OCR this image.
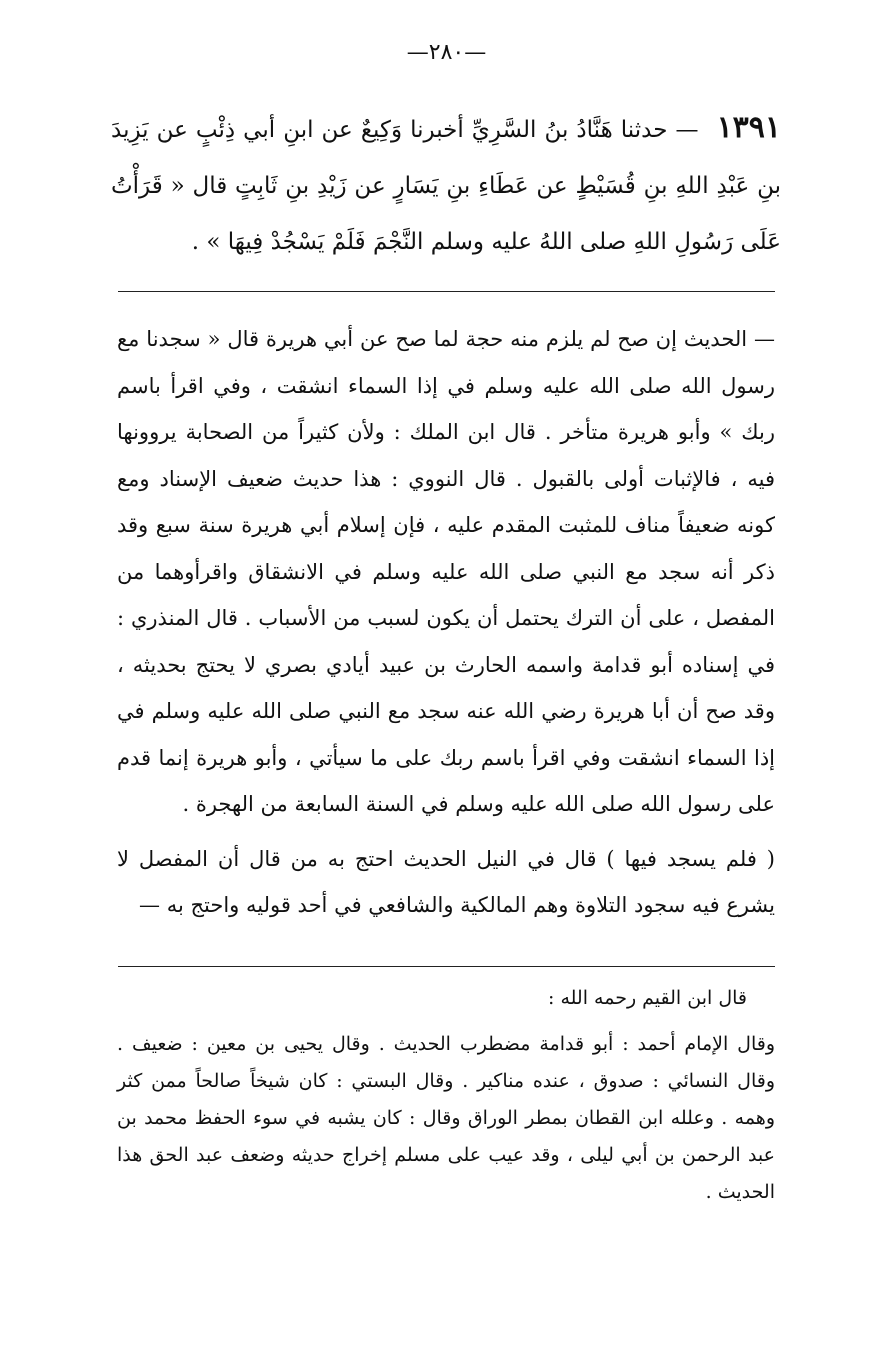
—٢٨٠—
١٣٩١ — حدثنا هَنَّادُ بنُ السَّرِيِّ أخبرنا وَكِيعٌ عن ابنِ أبي ذِئْبٍ عن يَزِيدَ بنِ عَبْدِ اللهِ بنِ قُسَيْطٍ عن عَطَاءِ بنِ يَسَارٍ عن زَيْدِ بنِ ثَابِتٍ قال « قَرَأْتُ عَلَى رَسُولِ اللهِ صلى اللهُ عليه وسلم النَّجْمَ فَلَمْ يَسْجُدْ فِيهَا » .

— الحديث إن صح لم يلزم منه حجة لما صح عن أبي هريرة قال « سجدنا مع رسول الله صلى الله عليه وسلم في إذا السماء انشقت ، وفي اقرأ باسم ربك » وأبو هريرة متأخر . قال ابن الملك : ولأن كثيراً من الصحابة يروونها فيه ، فالإثبات أولى بالقبول . قال النووي : هذا حديث ضعيف الإسناد ومع كونه ضعيفاً مناف للمثبت المقدم عليه ، فإن إسلام أبي هريرة سنة سبع وقد ذكر أنه سجد مع النبي صلى الله عليه وسلم في الانشقاق واقرأوهما من المفصل ، على أن الترك يحتمل أن يكون لسبب من الأسباب . قال المنذري : في إسناده أبو قدامة واسمه الحارث بن عبيد أيادي بصري لا يحتج بحديثه ، وقد صح أن أبا هريرة رضي الله عنه سجد مع النبي صلى الله عليه وسلم في إذا السماء انشقت وفي اقرأ باسم ربك على ما سيأتي ، وأبو هريرة إنما قدم على رسول الله صلى الله عليه وسلم في السنة السابعة من الهجرة .

( فلم يسجد فيها ) قال في النيل الحديث احتج به من قال أن المفصل لا يشرع فيه سجود التلاوة وهم المالكية والشافعي في أحد قوليه واحتج به —

قال ابن القيم رحمه الله :

وقال الإمام أحمد : أبو قدامة مضطرب الحديث . وقال يحيى بن معين : ضعيف . وقال النسائي : صدوق ، عنده مناكير . وقال البستي : كان شيخاً صالحاً ممن كثر وهمه . وعلله ابن القطان بمطر الوراق وقال : كان يشبه في سوء الحفظ محمد بن عبد الرحمن بن أبي ليلى ، وقد عيب على مسلم إخراج حديثه وضعف عبد الحق هذا الحديث .
